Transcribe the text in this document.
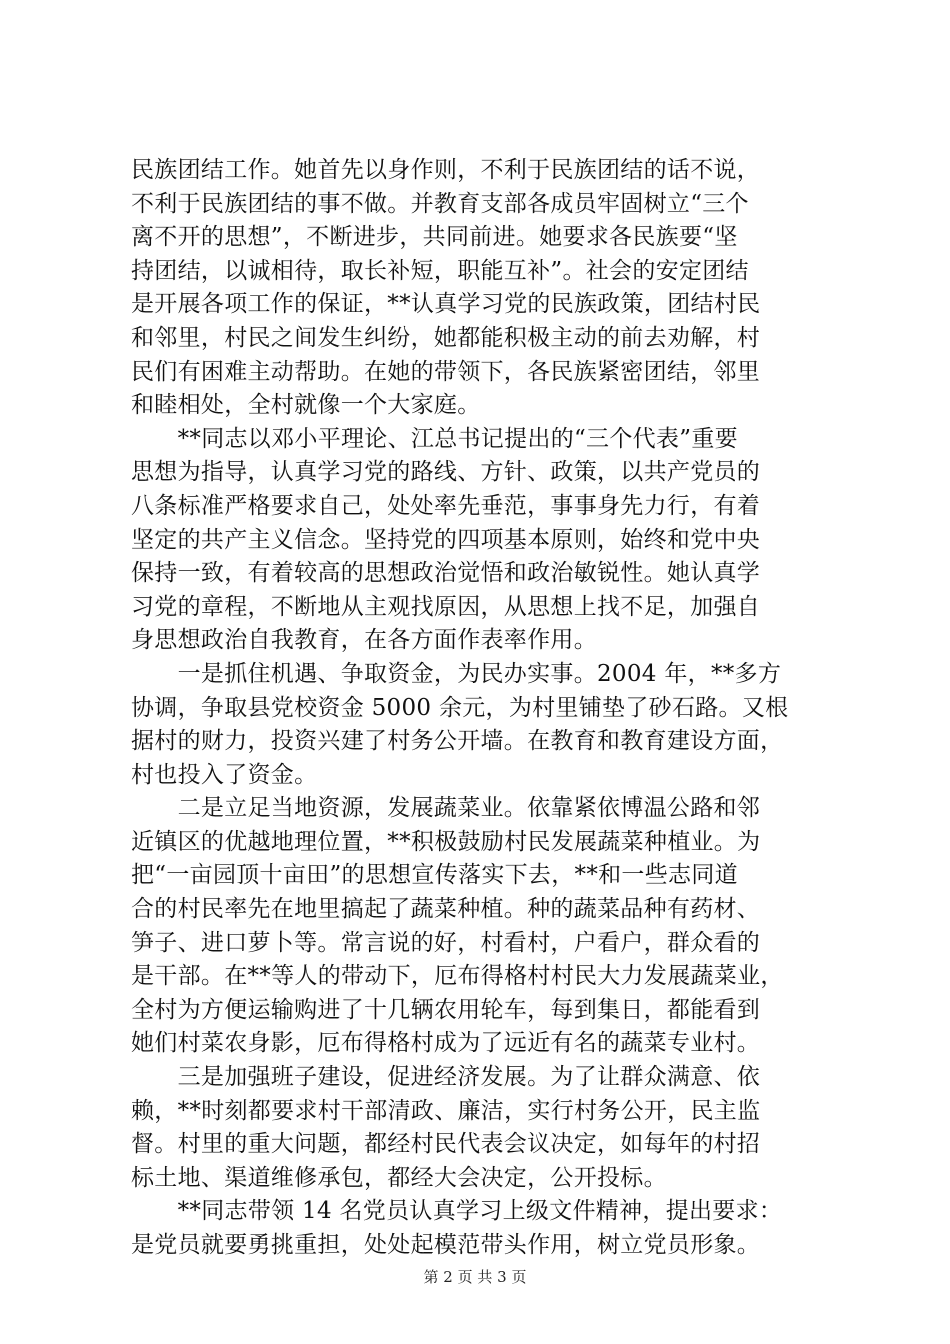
民族团结工作。她首先以身作则，不利于民族团结的话不说，
不利于民族团结的事不做。并教育支部各成员牢固树立“三个
离不开的思想”，不断进步，共同前进。她要求各民族要“坚
持团结，以诚相待，取长补短，职能互补”。社会的安定团结
是开展各项工作的保证，**认真学习党的民族政策，团结村民
和邻里，村民之间发生纠纷，她都能积极主动的前去劝解，村
民们有困难主动帮助。在她的带领下，各民族紧密团结，邻里
和睦相处，全村就像一个大家庭。
　　**同志以邓小平理论、江总书记提出的“三个代表”重要
思想为指导，认真学习党的路线、方针、政策，以共产党员的
八条标准严格要求自己，处处率先垂范，事事身先力行，有着
坚定的共产主义信念。坚持党的四项基本原则，始终和党中央
保持一致，有着较高的思想政治觉悟和政治敏锐性。她认真学
习党的章程，不断地从主观找原因，从思想上找不足，加强自
身思想政治自我教育，在各方面作表率作用。
　　一是抓住机遇、争取资金，为民办实事。2004 年，**多方
协调，争取县党校资金 5000 余元，为村里铺垫了砂石路。又根
据村的财力，投资兴建了村务公开墙。在教育和教育建设方面，
村也投入了资金。
　　二是立足当地资源，发展蔬菜业。依靠紧依博温公路和邻
近镇区的优越地理位置，**积极鼓励村民发展蔬菜种植业。为
把“一亩园顶十亩田”的思想宣传落实下去，**和一些志同道
合的村民率先在地里搞起了蔬菜种植。种的蔬菜品种有药材、
笋子、进口萝卜等。常言说的好，村看村，户看户，群众看的
是干部。在**等人的带动下，厄布得格村村民大力发展蔬菜业，
全村为方便运输购进了十几辆农用轮车，每到集日，都能看到
她们村菜农身影，厄布得格村成为了远近有名的蔬菜专业村。
　　三是加强班子建设，促进经济发展。为了让群众满意、依
赖，**时刻都要求村干部清政、廉洁，实行村务公开，民主监
督。村里的重大问题，都经村民代表会议决定，如每年的村招
标土地、渠道维修承包，都经大会决定，公开投标。
　　**同志带领 14 名党员认真学习上级文件精神，提出要求：
是党员就要勇挑重担，处处起模范带头作用，树立党员形象。
第 2 页 共 3 页
